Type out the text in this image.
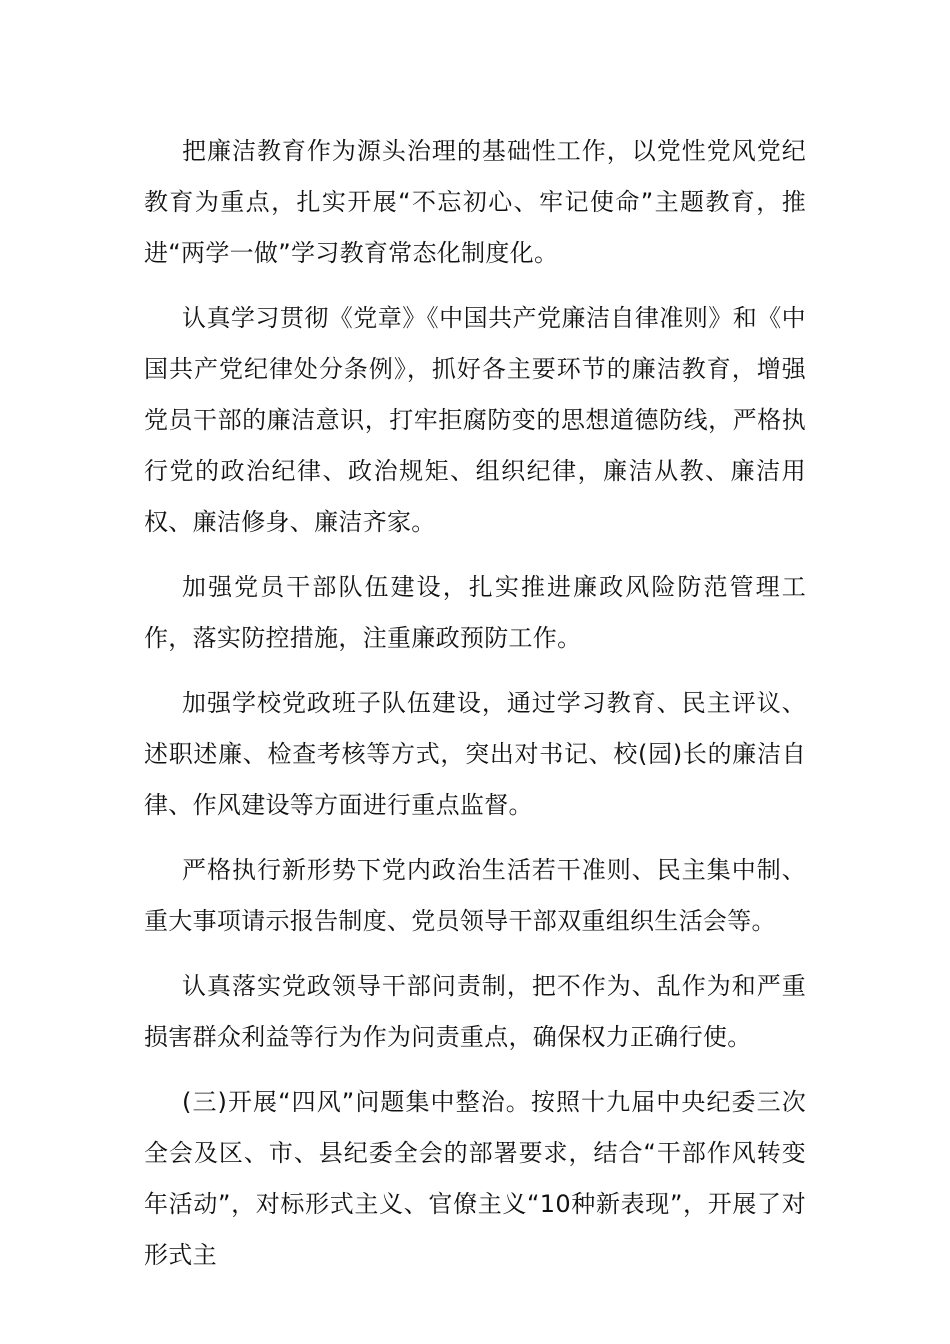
把廉洁教育作为源头治理的基础性工作，以党性党风党纪教育为重点，扎实开展“不忘初心、牢记使命”主题教育，推进“两学一做”学习教育常态化制度化。

认真学习贯彻《党章》《中国共产党廉洁自律准则》和《中国共产党纪律处分条例》，抓好各主要环节的廉洁教育，增强党员干部的廉洁意识，打牢拒腐防变的思想道德防线，严格执行党的政治纪律、政治规矩、组织纪律，廉洁从教、廉洁用权、廉洁修身、廉洁齐家。

加强党员干部队伍建设，扎实推进廉政风险防范管理工作，落实防控措施，注重廉政预防工作。

加强学校党政班子队伍建设，通过学习教育、民主评议、述职述廉、检查考核等方式，突出对书记、校(园)长的廉洁自律、作风建设等方面进行重点监督。

严格执行新形势下党内政治生活若干准则、民主集中制、重大事项请示报告制度、党员领导干部双重组织生活会等。

认真落实党政领导干部问责制，把不作为、乱作为和严重损害群众利益等行为作为问责重点，确保权力正确行使。

(三)开展“四风”问题集中整治。按照十九届中央纪委三次全会及区、市、县纪委全会的部署要求，结合“干部作风转变年活动”，对标形式主义、官僚主义“10种新表现”，开展了对形式主
